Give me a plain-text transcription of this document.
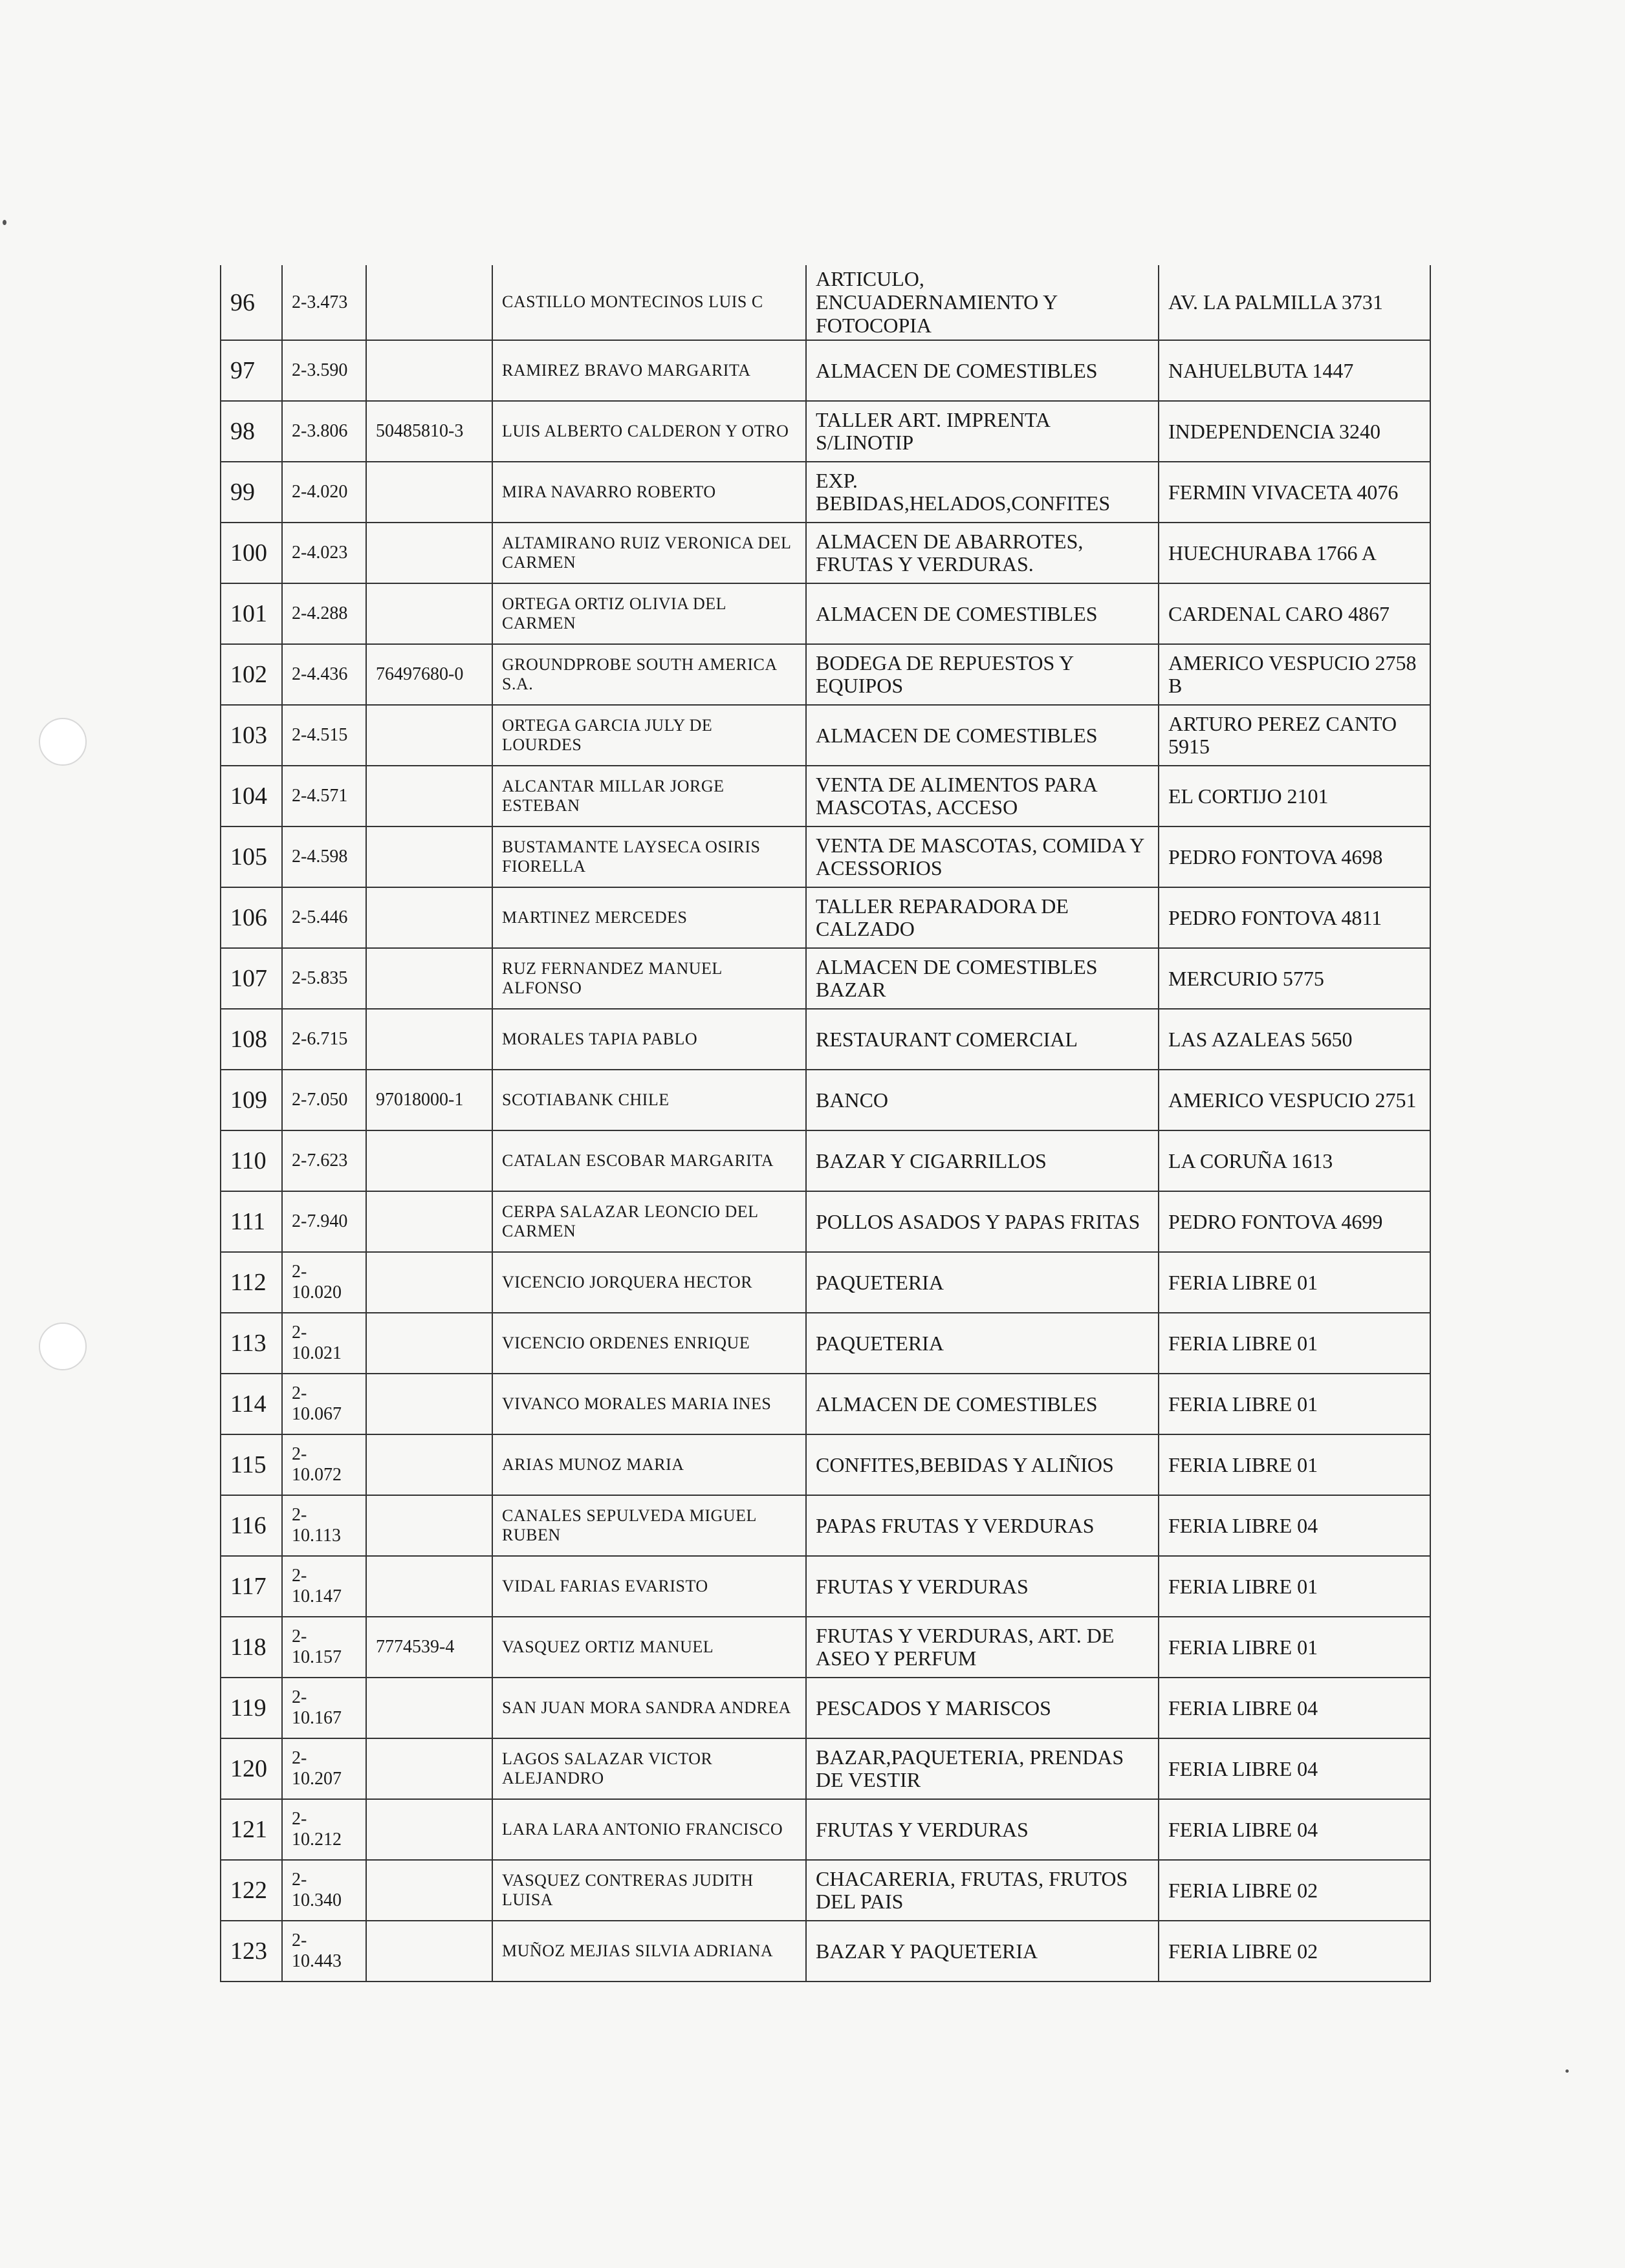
96	2-3.473		CASTILLO MONTECINOS LUIS C	ARTICULO, ENCUADERNAMIENTO Y FOTOCOPIA	AV. LA PALMILLA 3731
97	2-3.590		RAMIREZ BRAVO MARGARITA	ALMACEN DE COMESTIBLES	NAHUELBUTA 1447
98	2-3.806	50485810-3	LUIS ALBERTO CALDERON Y OTRO	TALLER ART. IMPRENTA S/LINOTIP	INDEPENDENCIA 3240
99	2-4.020		MIRA NAVARRO ROBERTO	EXP. BEBIDAS,HELADOS,CONFITES	FERMIN VIVACETA 4076
100	2-4.023		ALTAMIRANO RUIZ VERONICA DEL CARMEN	ALMACEN DE ABARROTES, FRUTAS Y VERDURAS.	HUECHURABA 1766 A
101	2-4.288		ORTEGA ORTIZ OLIVIA DEL CARMEN	ALMACEN DE COMESTIBLES	CARDENAL CARO 4867
102	2-4.436	76497680-0	GROUNDPROBE SOUTH AMERICA S.A.	BODEGA DE REPUESTOS Y EQUIPOS	AMERICO VESPUCIO 2758 B
103	2-4.515		ORTEGA GARCIA JULY DE LOURDES	ALMACEN DE COMESTIBLES	ARTURO PEREZ CANTO 5915
104	2-4.571		ALCANTAR MILLAR JORGE ESTEBAN	VENTA DE ALIMENTOS PARA MASCOTAS, ACCESO	EL CORTIJO 2101
105	2-4.598		BUSTAMANTE LAYSECA OSIRIS FIORELLA	VENTA DE MASCOTAS, COMIDA Y ACESSORIOS	PEDRO FONTOVA 4698
106	2-5.446		MARTINEZ MERCEDES	TALLER REPARADORA DE CALZADO	PEDRO FONTOVA 4811
107	2-5.835		RUZ FERNANDEZ MANUEL ALFONSO	ALMACEN DE COMESTIBLES BAZAR	MERCURIO 5775
108	2-6.715		MORALES TAPIA PABLO	RESTAURANT COMERCIAL	LAS AZALEAS 5650
109	2-7.050	97018000-1	SCOTIABANK CHILE	BANCO	AMERICO VESPUCIO 2751
110	2-7.623		CATALAN ESCOBAR MARGARITA	BAZAR Y CIGARRILLOS	LA CORUÑA 1613
111	2-7.940		CERPA SALAZAR LEONCIO DEL CARMEN	POLLOS ASADOS Y PAPAS FRITAS	PEDRO FONTOVA 4699
112	2- 10.020		VICENCIO JORQUERA HECTOR	PAQUETERIA	FERIA LIBRE 01
113	2- 10.021		VICENCIO ORDENES ENRIQUE	PAQUETERIA	FERIA LIBRE 01
114	2- 10.067		VIVANCO MORALES MARIA INES	ALMACEN DE COMESTIBLES	FERIA LIBRE 01
115	2- 10.072		ARIAS MUNOZ MARIA	CONFITES,BEBIDAS Y ALIÑIOS	FERIA LIBRE 01
116	2- 10.113		CANALES SEPULVEDA MIGUEL RUBEN	PAPAS FRUTAS Y VERDURAS	FERIA LIBRE 04
117	2- 10.147		VIDAL FARIAS EVARISTO	FRUTAS Y VERDURAS	FERIA LIBRE 01
118	2- 10.157	7774539-4	VASQUEZ ORTIZ MANUEL	FRUTAS Y VERDURAS, ART. DE ASEO Y PERFUM	FERIA LIBRE 01
119	2- 10.167		SAN JUAN MORA SANDRA ANDREA	PESCADOS Y MARISCOS	FERIA LIBRE 04
120	2- 10.207		LAGOS SALAZAR VICTOR ALEJANDRO	BAZAR,PAQUETERIA, PRENDAS DE VESTIR	FERIA LIBRE 04
121	2- 10.212		LARA LARA ANTONIO FRANCISCO	FRUTAS Y VERDURAS	FERIA LIBRE 04
122	2- 10.340		VASQUEZ CONTRERAS JUDITH LUISA	CHACARERIA, FRUTAS, FRUTOS DEL PAIS	FERIA LIBRE 02
123	2- 10.443		MUÑOZ MEJIAS SILVIA ADRIANA	BAZAR Y PAQUETERIA	FERIA LIBRE 02
